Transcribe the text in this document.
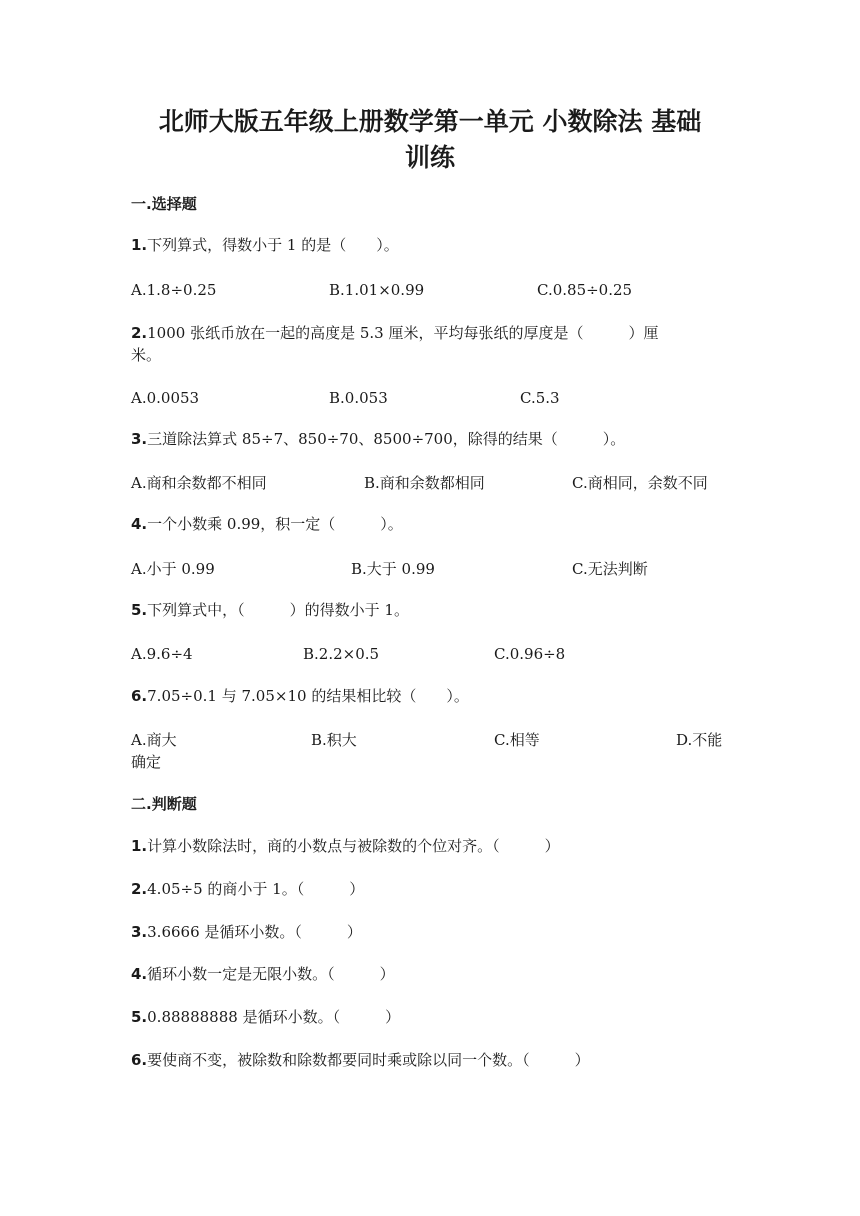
北师大版五年级上册数学第一单元 小数除法 基础
训练
一.选择题
1.下列算式，得数小于 1 的是（　　）。
A.1.8÷0.25	B.1.01×0.99	C.0.85÷0.25
2.1000 张纸币放在一起的高度是 5.3 厘米，平均每张纸的厚度是（　　　）厘
米。
A.0.0053	B.0.053	C.5.3
3.三道除法算式 85÷7、850÷70、8500÷700，除得的结果（　　　）。
A.商和余数都不相同	B.商和余数都相同	C.商相同，余数不同
4.一个小数乘 0.99，积一定（　　　）。
A.小于 0.99	B.大于 0.99	C.无法判断
5.下列算式中，（　　　）的得数小于 1。
A.9.6÷4	B.2.2×0.5	C.0.96÷8
6.7.05÷0.1 与 7.05×10 的结果相比较（　　）。
A.商大	B.积大	C.相等	D.不能
确定
二.判断题
1.计算小数除法时，商的小数点与被除数的个位对齐。（　　　）
2.4.05÷5 的商小于 1。（　　　）
3.3.6666 是循环小数。（　　　）
4.循环小数一定是无限小数。（　　　）
5.0.88888888 是循环小数。（　　　）
6.要使商不变，被除数和除数都要同时乘或除以同一个数。（　　　）
